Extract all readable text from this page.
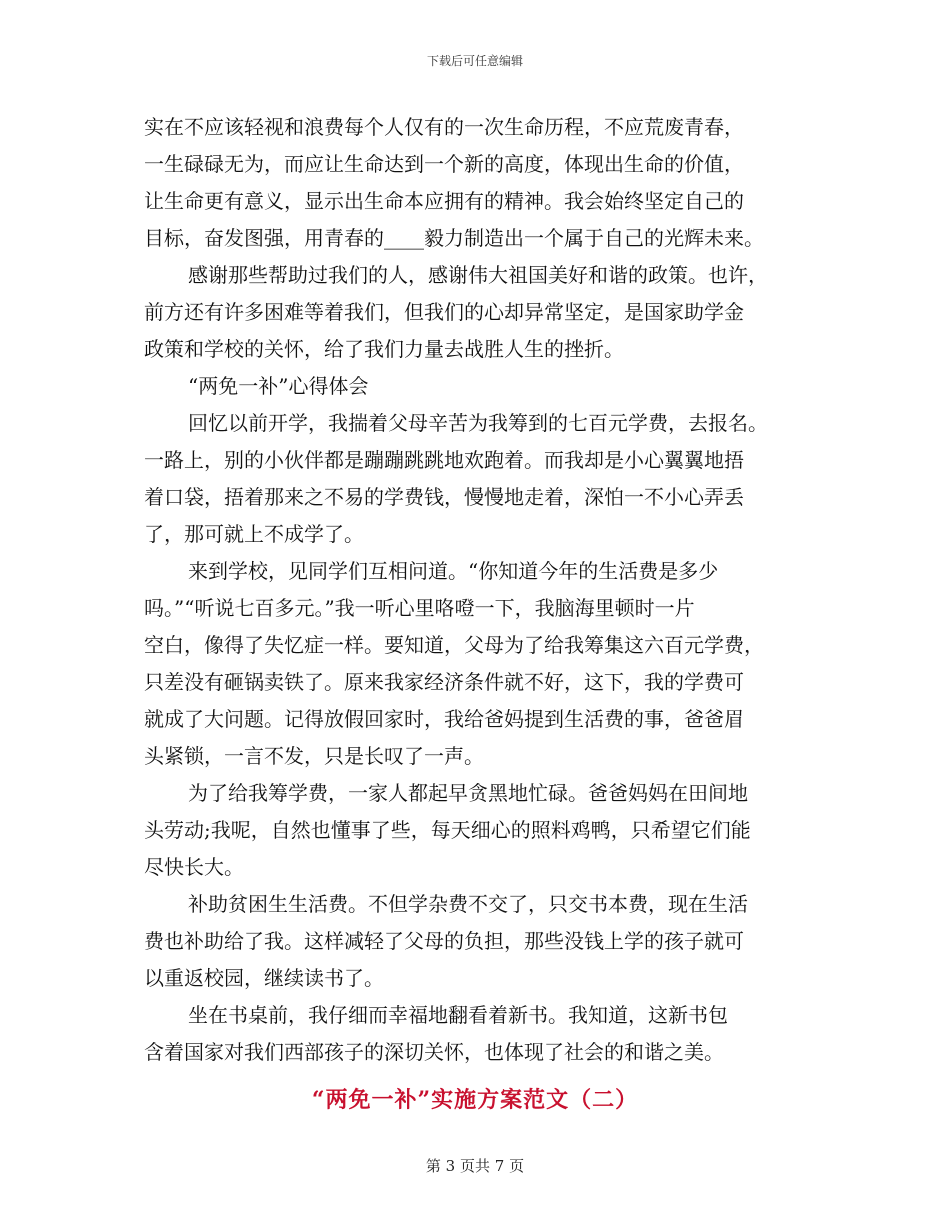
下载后可任意编辑
实在不应该轻视和浪费每个人仅有的一次生命历程，不应荒废青春，
一生碌碌无为，而应让生命达到一个新的高度，体现出生命的价值，
让生命更有意义，显示出生命本应拥有的精神。我会始终坚定自己的
目标，奋发图强，用青春的____毅力制造出一个属于自己的光辉未来。
感谢那些帮助过我们的人，感谢伟大祖国美好和谐的政策。也许，
前方还有许多困难等着我们，但我们的心却异常坚定，是国家助学金
政策和学校的关怀，给了我们力量去战胜人生的挫折。
“两免一补”心得体会
回忆以前开学，我揣着父母辛苦为我筹到的七百元学费，去报名。
一路上，别的小伙伴都是蹦蹦跳跳地欢跑着。而我却是小心翼翼地捂
着口袋，捂着那来之不易的学费钱，慢慢地走着，深怕一不小心弄丢
了，那可就上不成学了。
来到学校，见同学们互相问道。“你知道今年的生活费是多少
吗。”“听说七百多元。”我一听心里咯噔一下，我脑海里顿时一片
空白，像得了失忆症一样。要知道，父母为了给我筹集这六百元学费，
只差没有砸锅卖铁了。原来我家经济条件就不好，这下，我的学费可
就成了大问题。记得放假回家时，我给爸妈提到生活费的事，爸爸眉
头紧锁，一言不发，只是长叹了一声。
为了给我筹学费，一家人都起早贪黑地忙碌。爸爸妈妈在田间地
头劳动;我呢，自然也懂事了些，每天细心的照料鸡鸭，只希望它们能
尽快长大。
补助贫困生生活费。不但学杂费不交了，只交书本费，现在生活
费也补助给了我。这样减轻了父母的负担，那些没钱上学的孩子就可
以重返校园，继续读书了。
坐在书桌前，我仔细而幸福地翻看着新书。我知道，这新书包
含着国家对我们西部孩子的深切关怀，也体现了社会的和谐之美。
“两免一补”实施方案范文（二）
第 3 页共 7 页
